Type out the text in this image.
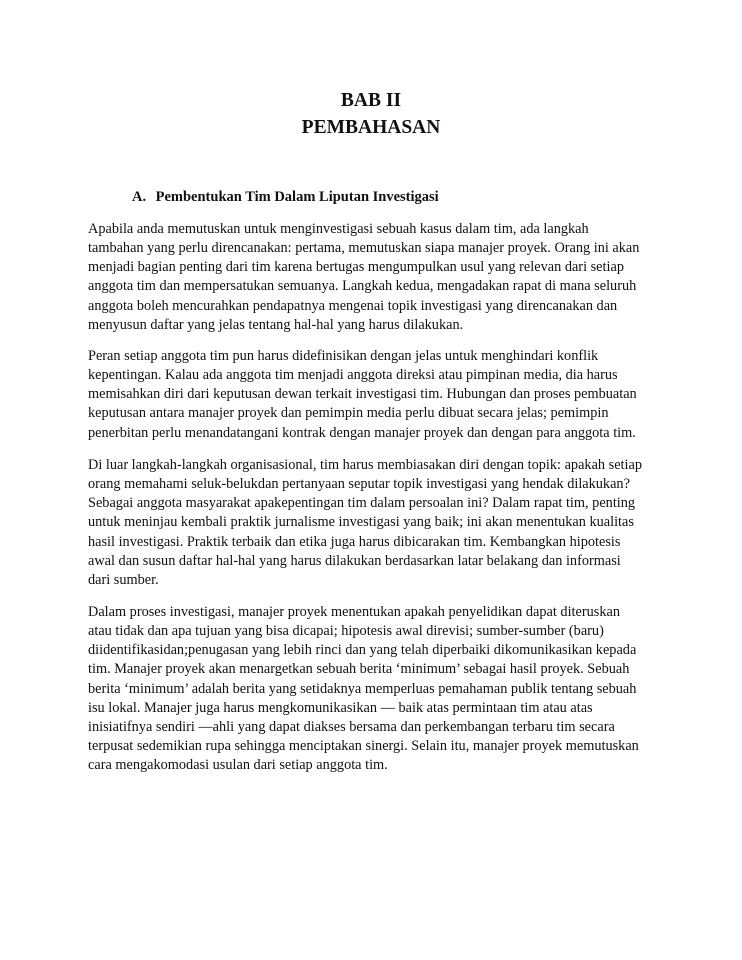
BAB II
PEMBAHASAN
A. Pembentukan Tim Dalam Liputan Investigasi

Apabila anda memutuskan untuk menginvestigasi sebuah kasus dalam tim, ada langkah
tambahan yang perlu direncanakan: pertama, memutuskan siapa manajer proyek. Orang ini akan
menjadi bagian penting dari tim karena bertugas mengumpulkan usul yang relevan dari setiap
anggota tim dan mempersatukan semuanya. Langkah kedua, mengadakan rapat di mana seluruh
anggota boleh mencurahkan pendapatnya mengenai topik investigasi yang direncanakan dan
menyusun daftar yang jelas tentang hal-hal yang harus dilakukan.

Peran setiap anggota tim pun harus didefinisikan dengan jelas untuk menghindari konflik
kepentingan. Kalau ada anggota tim menjadi anggota direksi atau pimpinan media, dia harus
memisahkan diri dari keputusan dewan terkait investigasi tim. Hubungan dan proses pembuatan
keputusan antara manajer proyek dan pemimpin media perlu dibuat secara jelas; pemimpin
penerbitan perlu menandatangani kontrak dengan manajer proyek dan dengan para anggota tim.

Di luar langkah-langkah organisasional, tim harus membiasakan diri dengan topik: apakah setiap
orang memahami seluk-belukdan pertanyaan seputar topik investigasi yang hendak dilakukan?
Sebagai anggota masyarakat apakepentingan tim dalam persoalan ini? Dalam rapat tim, penting
untuk meninjau kembali praktik jurnalisme investigasi yang baik; ini akan menentukan kualitas
hasil investigasi. Praktik terbaik dan etika juga harus dibicarakan tim. Kembangkan hipotesis
awal dan susun daftar hal-hal yang harus dilakukan berdasarkan latar belakang dan informasi
dari sumber.

Dalam proses investigasi, manajer proyek menentukan apakah penyelidikan dapat diteruskan
atau tidak dan apa tujuan yang bisa dicapai; hipotesis awal direvisi; sumber-sumber (baru)
diidentifikasidan;penugasan yang lebih rinci dan yang telah diperbaiki dikomunikasikan kepada
tim. Manajer proyek akan menargetkan sebuah berita ‘minimum’ sebagai hasil proyek. Sebuah
berita ‘minimum’ adalah berita yang setidaknya memperluas pemahaman publik tentang sebuah
isu lokal. Manajer juga harus mengkomunikasikan — baik atas permintaan tim atau atas
inisiatifnya sendiri —ahli yang dapat diakses bersama dan perkembangan terbaru tim secara
terpusat sedemikian rupa sehingga menciptakan sinergi. Selain itu, manajer proyek memutuskan
cara mengakomodasi usulan dari setiap anggota tim.
